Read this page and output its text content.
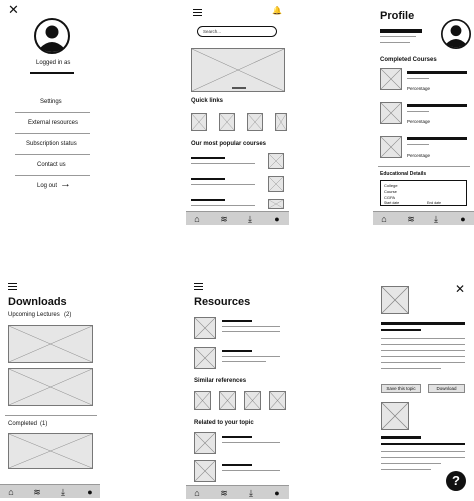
✕
Logged in as
Settings
External resources
Subscription status
Contact us
Log out →
🔔
Search...
Quick links
Our most popular courses
⌂ ≋	⤓	●
Profile
Completed Courses
Percentage
Percentage
Percentage
Educational Details
College
Course
CGPA
Start date	End date
⌂ ≋	⤓	●
Downloads
Upcoming Lectures (2)
Completed (1)
⌂ ≋	⤓	●
Resources
Similar references
Related to your topic
⌂ ≋	⤓	●
✕
Save this topic	Download
?
